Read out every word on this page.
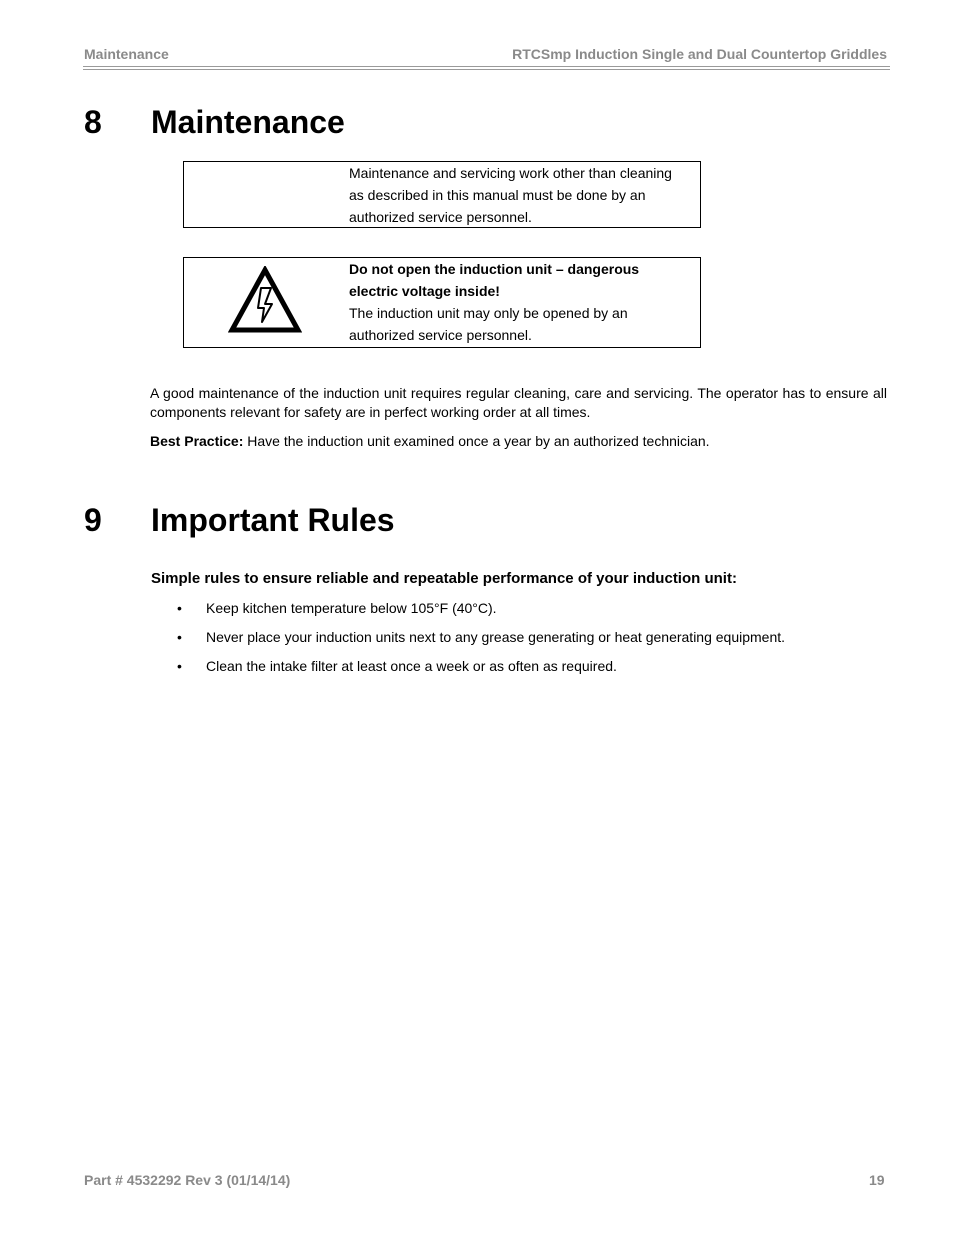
Maintenance	RTCSmp Induction Single and Dual Countertop Griddles
8 Maintenance
Maintenance and servicing work other than cleaning
as described in this manual must be done by an
authorized service personnel.
Do not open the induction unit – dangerous
electric voltage inside!
The induction unit may only be opened by an
authorized service personnel.
A good maintenance of the induction unit requires regular cleaning, care and servicing. The operator has to ensure all components relevant for safety are in perfect working order at all times.
Best Practice: Have the induction unit examined once a year by an authorized technician.
9 Important Rules
Simple rules to ensure reliable and repeatable performance of your induction unit:
• Keep kitchen temperature below 105°F (40°C).
• Never place your induction units next to any grease generating or heat generating equipment.
• Clean the intake filter at least once a week or as often as required.
Part # 4532292 Rev 3 (01/14/14)	19
